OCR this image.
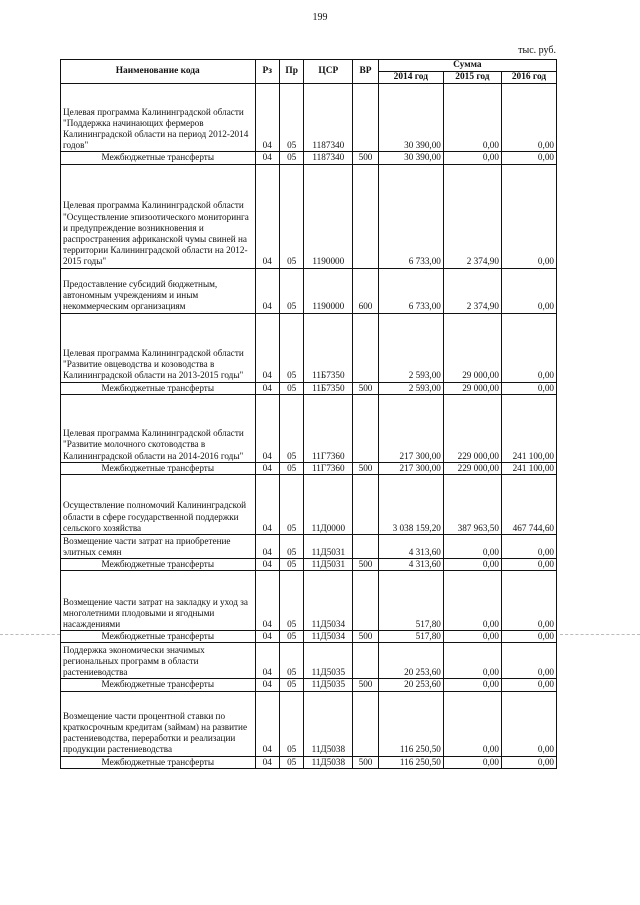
199
тыс. руб.
Наименование кода	Рз	Пр	ЦСР	ВР	Сумма		
					2014 год	2015 год	2016 год
Целевая программа Калининградской области "Поддержка начинающих фермеров Калининградской области на период 2012-2014 годов"	04	05	1187340		30 390,00	0,00	0,00
Межбюджетные трансферты	04	05	1187340	500	30 390,00	0,00	0,00
Целевая программа Калининградской области "Осуществление эпизоотического мониторинга и предупреждение возникновения и распространения африканской чумы свиней на территории Калининградской области на 2012-2015 годы"	04	05	1190000		6 733,00	2 374,90	0,00
Предоставление субсидий бюджетным, автономным учреждениям и иным некоммерческим организациям	04	05	1190000	600	6 733,00	2 374,90	0,00
Целевая программа Калининградской области "Развитие овцеводства и козоводства в Калининградской области на 2013-2015 годы"	04	05	11Б7350		2 593,00	29 000,00	0,00
Межбюджетные трансферты	04	05	11Б7350	500	2 593,00	29 000,00	0,00
Целевая программа Калининградской области "Развитие молочного скотоводства в Калининградской области на 2014-2016 годы"	04	05	11Г7360		217 300,00	229 000,00	241 100,00
Межбюджетные трансферты	04	05	11Г7360	500	217 300,00	229 000,00	241 100,00
Осуществление полномочий Калининградской области в сфере государственной поддержки сельского хозяйства	04	05	11Д0000		3 038 159,20	387 963,50	467 744,60
Возмещение части затрат на приобретение элитных семян	04	05	11Д5031		4 313,60	0,00	0,00
Межбюджетные трансферты	04	05	11Д5031	500	4 313,60	0,00	0,00
Возмещение части затрат на закладку и уход за многолетними плодовыми и ягодными насаждениями	04	05	11Д5034		517,80	0,00	0,00
Межбюджетные трансферты	04	05	11Д5034	500	517,80	0,00	0,00
Поддержка экономически значимых региональных программ в области растениеводства	04	05	11Д5035		20 253,60	0,00	0,00
Межбюджетные трансферты	04	05	11Д5035	500	20 253,60	0,00	0,00
Возмещение части процентной ставки по краткосрочным кредитам (займам) на развитие растениеводства, переработки и реализации продукции растениеводства	04	05	11Д5038		116 250,50	0,00	0,00
Межбюджетные трансферты	04	05	11Д5038	500	116 250,50	0,00	0,00
